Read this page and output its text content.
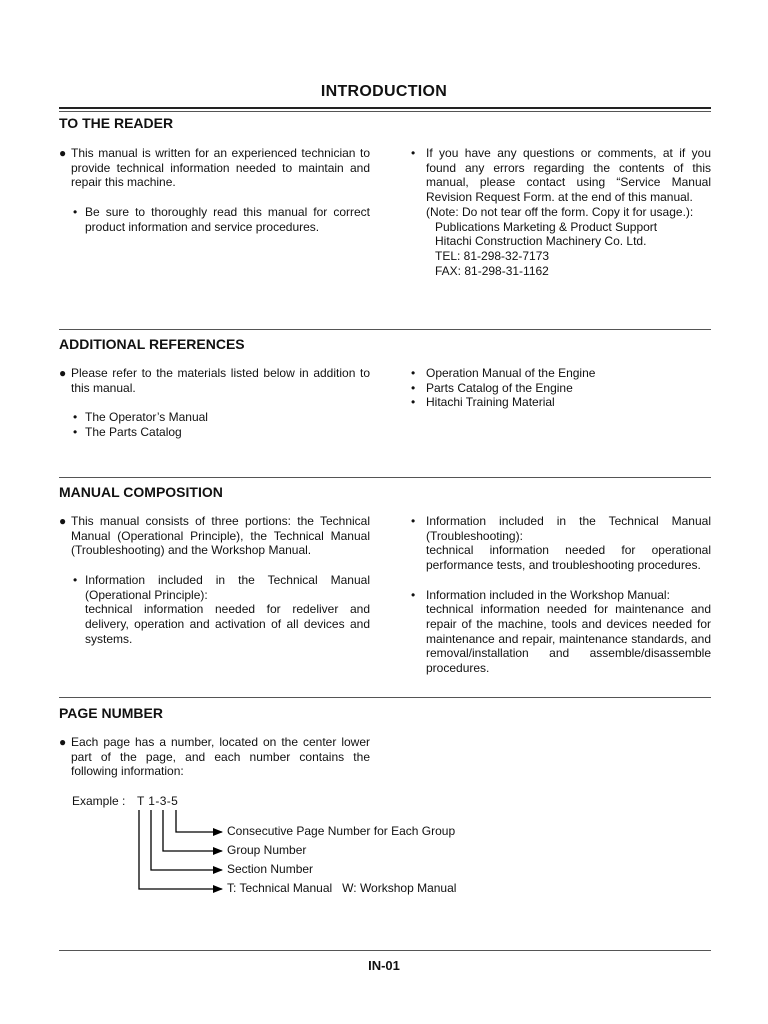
INTRODUCTION
TO THE READER
● This manual is written for an experienced technician to provide technical information needed to maintain and repair this machine.

• Be sure to thoroughly read this manual for correct product information and service procedures.

• If you have any questions or comments, at if you found any errors regarding the contents of this manual, please contact using “Service Manual Revision Request Form. at the end of this manual.

(Note: Do not tear off the form. Copy it for usage.):

Publications Marketing & Product Support
Hitachi Construction Machinery Co. Ltd.
TEL: 81-298-32-7173
FAX: 81-298-31-1162
ADDITIONAL REFERENCES
● Please refer to the materials listed below in addition to this manual.

• The Operator’s Manual

• The Parts Catalog

• Operation Manual of the Engine

• Parts Catalog of the Engine

• Hitachi Training Material

MANUAL COMPOSITION
● This manual consists of three portions: the Technical Manual (Operational Principle), the Technical Manual (Troubleshooting) and the Workshop Manual.

• Information included in the Technical Manual (Operational Principle):

technical information needed for redeliver and delivery, operation and activation of all devices and systems.

• Information included in the Technical Manual (Troubleshooting):

technical information needed for operational performance tests, and troubleshooting procedures.

• Information included in the Workshop Manual:

technical information needed for maintenance and repair of the machine, tools and devices needed for maintenance and repair, maintenance standards, and removal/installation and assemble/disassemble procedures.

PAGE NUMBER
● Each page has a number, located on the center lower part of the page, and each number contains the following information:

Example : T 1-3-5
Consecutive Page Number for Each Group
Group Number
Section Number
T: Technical Manual   W: Workshop Manual
IN-01
